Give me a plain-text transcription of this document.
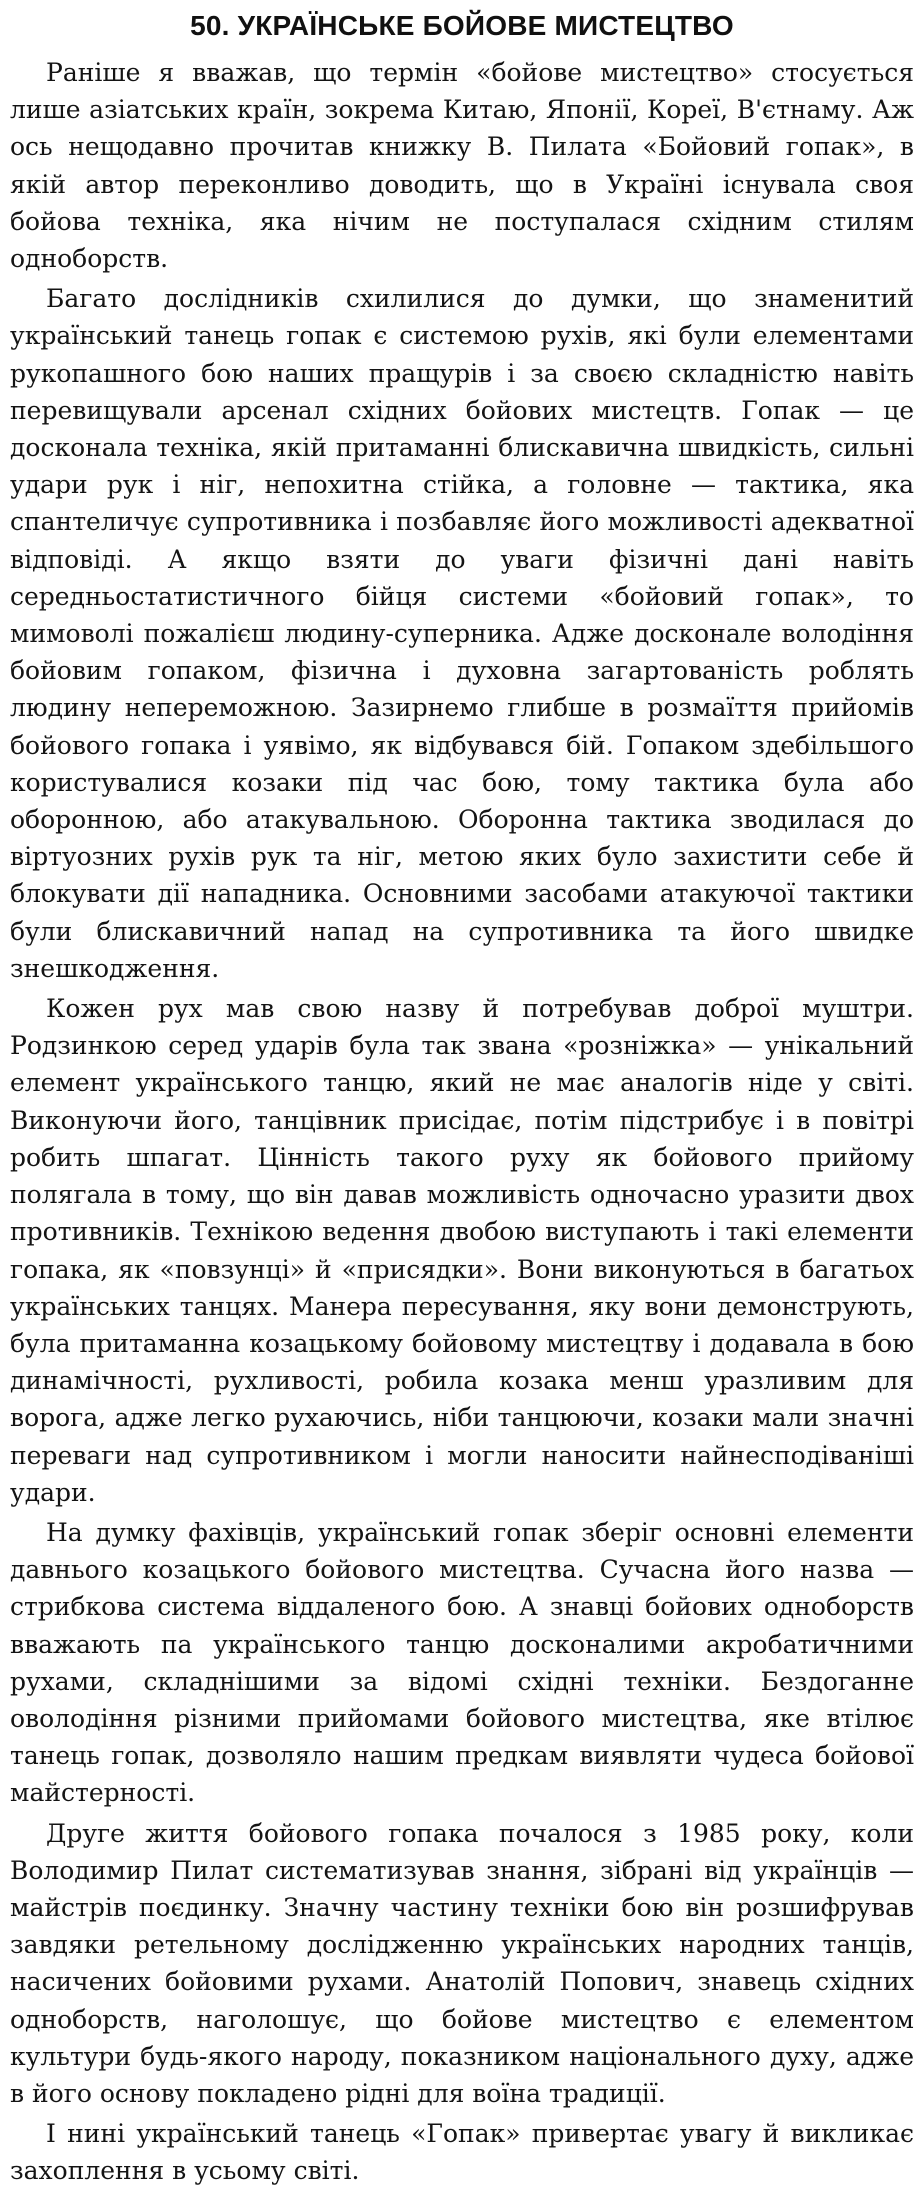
50. УКРАЇНСЬКЕ БОЙОВЕ МИСТЕЦТВО

Раніше я вважав, що термін «бойове мистецтво» стосується лише азіатських країн, зокрема Китаю, Японії, Кореї, В'єтнаму. Аж ось нещодавно прочитав книжку В. Пилата «Бойовий гопак», в якій автор переконливо доводить, що в Україні існувала своя бойова техніка, яка нічим не поступалася східним стилям одноборств.

Багато дослідників схилилися до думки, що знаменитий український танець гопак є системою рухів, які були елементами рукопашного бою наших пращурів і за своєю складністю навіть перевищували арсенал східних бойових мистецтв. Гопак — це досконала техніка, якій притаманні блискавична швидкість, сильні удари рук і ніг, непохитна стійка, а головне — тактика, яка спантеличує супротивника і позбавляє його можливості адекватної відповіді. А якщо взяти до уваги фізичні дані навіть середньостатистичного бійця системи «бойовий гопак», то мимоволі пожалієш людину-суперника. Адже досконале володіння бойовим гопаком, фізична і духовна загартованість роблять людину непереможною. Зазирнемо глибше в розмаїття прийомів бойового гопака і уявімо, як відбувався бій. Гопаком здебільшого користувалися козаки під час бою, тому тактика була або оборонною, або атакувальною. Оборонна тактика зводилася до віртуозних рухів рук та ніг, метою яких було захистити себе й блокувати дії нападника. Основними засобами атакуючої тактики були блискавичний напад на супротивника та його швидке знешкодження.

Кожен рух мав свою назву й потребував доброї муштри. Родзинкою серед ударів була так звана «розніжка» — унікальний елемент українського танцю, який не має аналогів ніде у світі. Виконуючи його, танцівник присідає, потім підстрибує і в повітрі робить шпагат. Цінність такого руху як бойового прийому полягала в тому, що він давав можливість одночасно уразити двох противників. Технікою ведення двобою виступають і такі елементи гопака, як «повзунці» й «присядки». Вони виконуються в багатьох українських танцях. Манера пересування, яку вони демонструють, була притаманна козацькому бойовому мистецтву і додавала в бою динамічності, рухливості, робила козака менш уразливим для ворога, адже легко рухаючись, ніби танцюючи, козаки мали значні переваги над супротивником і могли наносити найнесподіваніші удари.

На думку фахівців, український гопак зберіг основні елементи давнього козацького бойового мистецтва. Сучасна його назва — стрибкова система віддаленого бою. А знавці бойових одноборств вважають па українського танцю досконалими акробатичними рухами, складнішими за відомі східні техніки. Бездоганне оволодіння різними прийомами бойового мистецтва, яке втілює танець гопак, дозволяло нашим предкам виявляти чудеса бойової майстерності.

Друге життя бойового гопака почалося з 1985 року, коли Володимир Пилат систематизував знання, зібрані від українців — майстрів поєдинку. Значну частину техніки бою він розшифрував завдяки ретельному дослідженню українських народних танців, насичених бойовими рухами. Анатолій Попович, знавець східних одноборств, наголошує, що бойове мистецтво є елементом культури будь-якого народу, показником національного духу, адже в його основу покладено рідні для воїна традиції.

І нині український танець «Гопак» привертає увагу й викликає захоплення в усьому світі.
